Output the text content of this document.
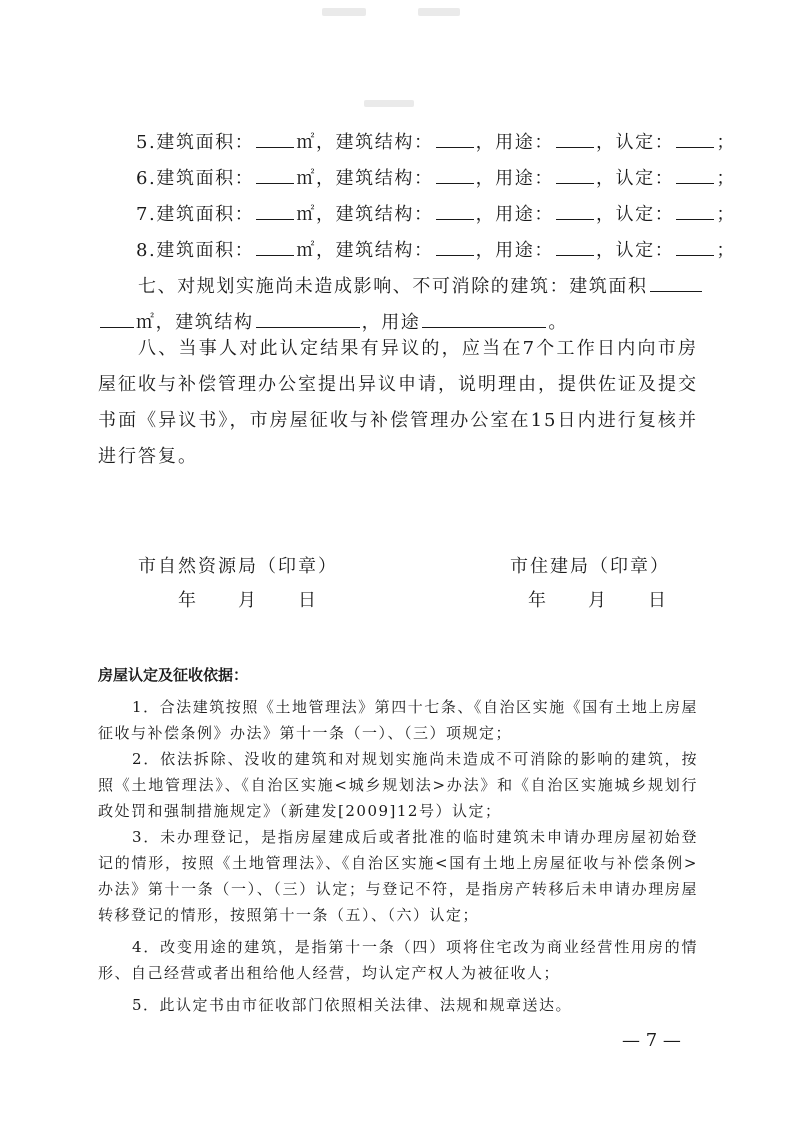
5.建筑面积： ㎡，建筑结构： ，用途： ，认定： ；
6.建筑面积： ㎡，建筑结构： ，用途： ，认定： ；
7.建筑面积： ㎡，建筑结构： ，用途： ，认定： ；
8.建筑面积： ㎡，建筑结构： ，用途： ，认定： ；
七、对规划实施尚未造成影响、不可消除的建筑：建筑面积
㎡，建筑结构	，用途	。
八、当事人对此认定结果有异议的，应当在7个工作日内向市房屋征收与补偿管理办公室提出异议申请，说明理由，提供佐证及提交书面《异议书》，市房屋征收与补偿管理办公室在15日内进行复核并进行答复。
市自然资源局（印章）
年　　月　　日
市住建局（印章）
年　　月　　日
房屋认定及征收依据：
1．合法建筑按照《土地管理法》第四十七条、《自治区实施《国有土地上房屋征收与补偿条例》办法》第十一条（一）、（三）项规定；
2．依法拆除、没收的建筑和对规划实施尚未造成不可消除的影响的建筑，按照《土地管理法》、《自治区实施<城乡规划法>办法》和《自治区实施城乡规划行政处罚和强制措施规定》（新建发[2009]12号）认定；
3．未办理登记，是指房屋建成后或者批准的临时建筑未申请办理房屋初始登记的情形，按照《土地管理法》、《自治区实施<国有土地上房屋征收与补偿条例>办法》第十一条（一）、（三）认定；与登记不符，是指房产转移后未申请办理房屋转移登记的情形，按照第十一条（五）、（六）认定；
4．改变用途的建筑，是指第十一条（四）项将住宅改为商业经营性用房的情形、自己经营或者出租给他人经营，均认定产权人为被征收人；
5．此认定书由市征收部门依照相关法律、法规和规章送达。
— 7 —
